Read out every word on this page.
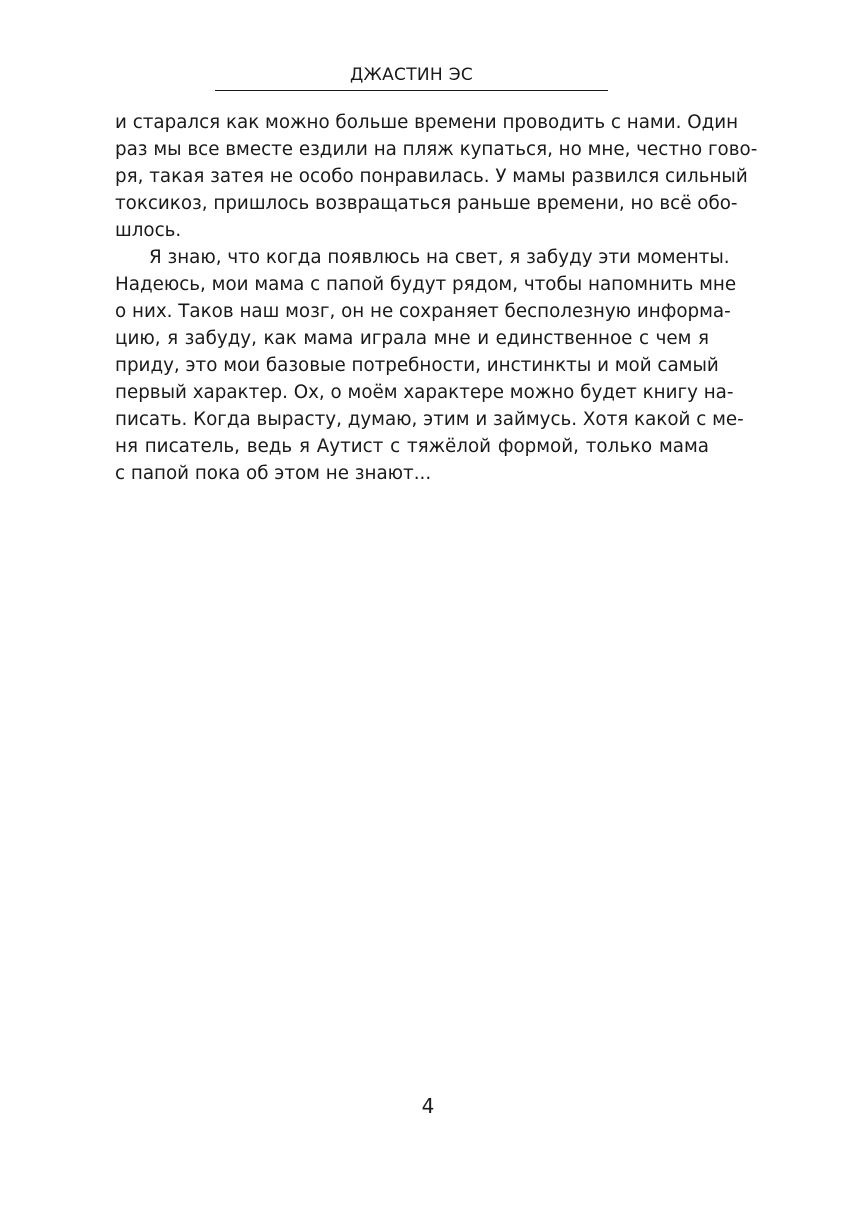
ДЖАСТИН ЭС

и старался как можно больше времени проводить с нами. Один
раз мы все вместе ездили на пляж купаться, но мне, честно гово-
ря, такая затея не особо понравилась. У мамы развился сильный
токсикоз, пришлось возвращаться раньше времени, но всё обо-
шлось.

Я знаю, что когда появлюсь на свет, я забуду эти моменты.
Надеюсь, мои мама с папой будут рядом, чтобы напомнить мне
о них. Таков наш мозг, он не сохраняет бесполезную информа-
цию, я забуду, как мама играла мне и единственное с чем я
приду, это мои базовые потребности, инстинкты и мой самый
первый характер. Ох, о моём характере можно будет книгу на-
писать. Когда вырасту, думаю, этим и займусь. Хотя какой с ме-
ня писатель, ведь я Аутист с тяжёлой формой, только мама
с папой пока об этом не знают...

4
